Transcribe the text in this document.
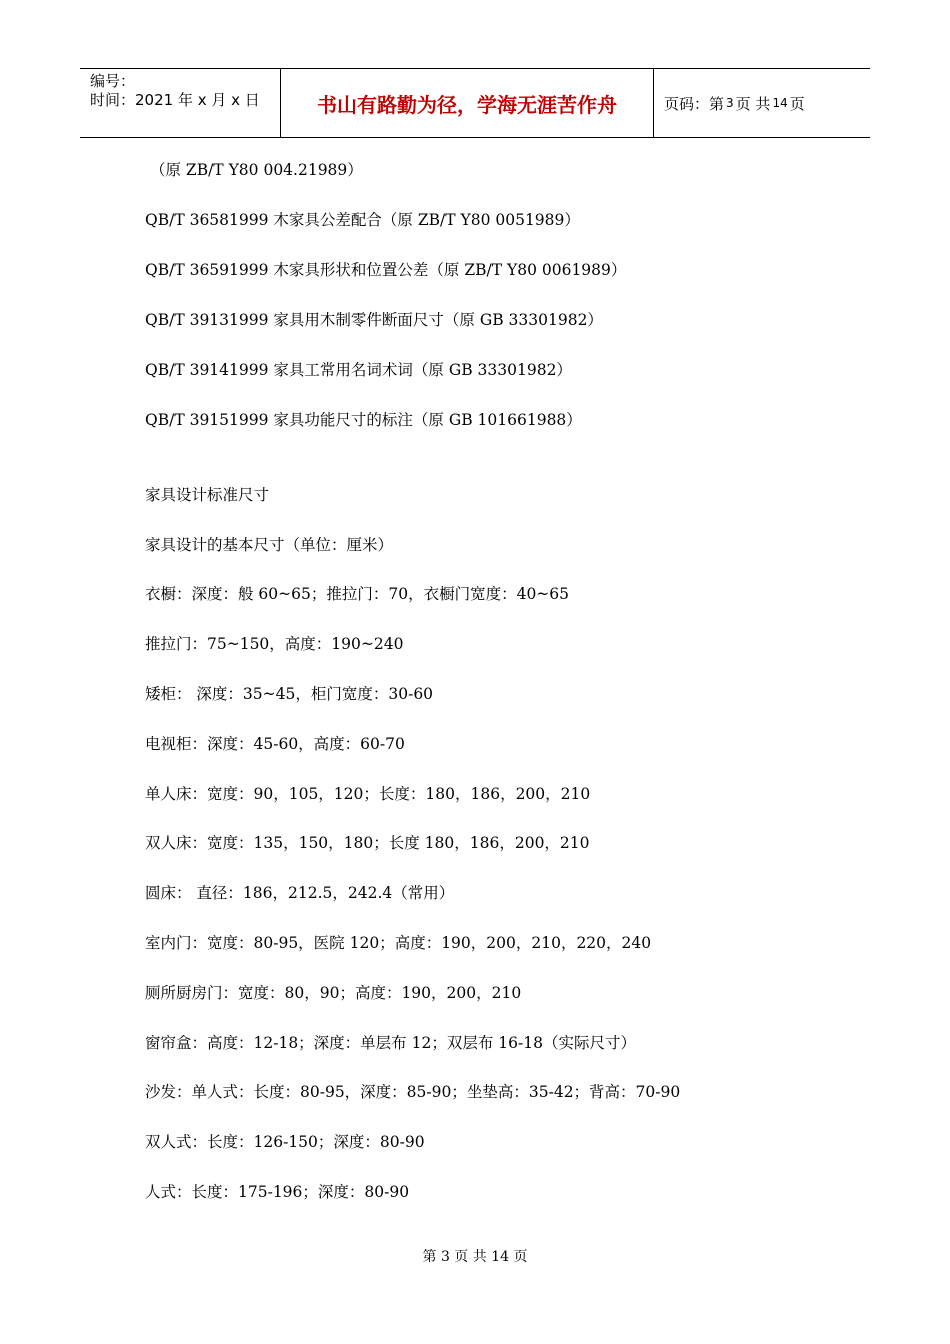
编号：
时间：2021 年 x 月 x 日	书山有路勤为径，学海无涯苦作舟	页码：第 3 页 共 14 页
（原 ZB/T Y80 004.21989）
QB/T 36581999 木家具公差配合（原 ZB/T Y80 0051989）
QB/T 36591999 木家具形状和位置公差（原 ZB/T Y80 0061989）
QB/T 39131999 家具用木制零件断面尺寸（原 GB 33301982）
QB/T 39141999 家具工常用名词术词（原 GB 33301982）
QB/T 39151999 家具功能尺寸的标注（原 GB 101661988）
家具设计标准尺寸
家具设计的基本尺寸（单位：厘米）
衣橱：深度：般 60~65；推拉门：70，衣橱门宽度：40~65
推拉门：75~150，高度：190~240
矮柜： 深度：35~45，柜门宽度：30-60
电视柜：深度：45-60，高度：60-70
单人床：宽度：90，105，120；长度：180，186，200，210
双人床：宽度：135，150，180；长度 180，186，200，210
圆床： 直径：186，212.5，242.4（常用）
室内门：宽度：80-95，医院 120；高度：190，200，210，220，240
厕所厨房门：宽度：80，90；高度：190，200，210
窗帘盒：高度：12-18；深度：单层布 12；双层布 16-18（实际尺寸）
沙发：单人式：长度：80-95，深度：85-90；坐垫高：35-42；背高：70-90
双人式：长度：126-150；深度：80-90
人式：长度：175-196；深度：80-90
第 3 页 共 14 页
